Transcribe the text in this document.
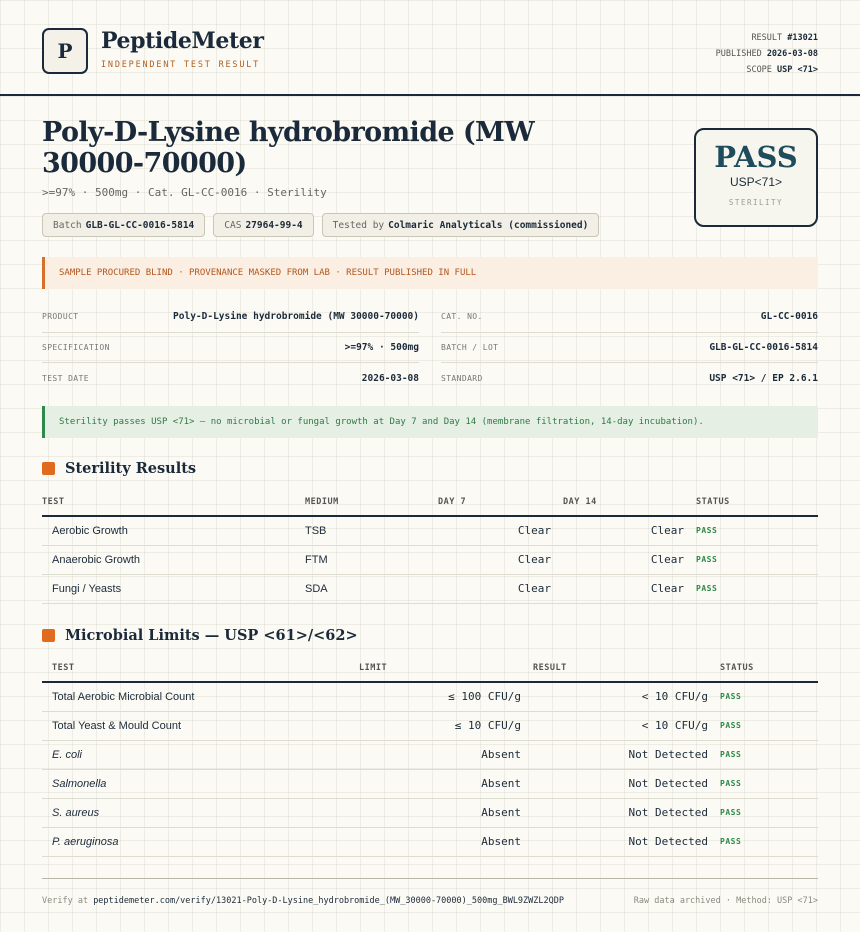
P	PeptideMeter
INDEPENDENT TEST RESULT
RESULT #13021
PUBLISHED 2026-03-08
SCOPE USP <71>
Poly-D-Lysine hydrobromide (MW 30000-70000)
>=97% · 500mg · Cat. GL-CC-0016 · Sterility
Batch GLB-GL-CC-0016-5814	CAS 27964-99-4	Tested by Colmaric Analyticals (commissioned)
PASS
USP<71>
STERILITY
SAMPLE PROCURED BLIND · PROVENANCE MASKED FROM LAB · RESULT PUBLISHED IN FULL
PRODUCT	Poly-D-Lysine hydrobromide (MW 30000-70000)
SPECIFICATION	>=97% · 500mg
TEST DATE	2026-03-08
CAT. NO.	GL-CC-0016
BATCH / LOT	GLB-GL-CC-0016-5814
STANDARD	USP <71> / EP 2.6.1
Sterility passes USP <71> — no microbial or fungal growth at Day 7 and Day 14 (membrane filtration, 14-day incubation).
Sterility Results
TEST	MEDIUM	DAY 7	DAY 14	STATUS
Aerobic Growth	TSB	Clear	Clear	PASS
Anaerobic Growth	FTM	Clear	Clear	PASS
Fungi / Yeasts	SDA	Clear	Clear	PASS
Microbial Limits — USP <61>/<62>
TEST	LIMIT	RESULT	STATUS
Total Aerobic Microbial Count	≤ 100 CFU/g	< 10 CFU/g	PASS
Total Yeast & Mould Count	≤ 10 CFU/g	< 10 CFU/g	PASS
E. coli	Absent	Not Detected	PASS
Salmonella	Absent	Not Detected	PASS
S. aureus	Absent	Not Detected	PASS
P. aeruginosa	Absent	Not Detected	PASS
Verify at peptidemeter.com/verify/13021-Poly-D-Lysine_hydrobromide_(MW_30000-70000)_500mg_BWL9ZWZL2QDP	Raw data archived · Method: USP <71>
